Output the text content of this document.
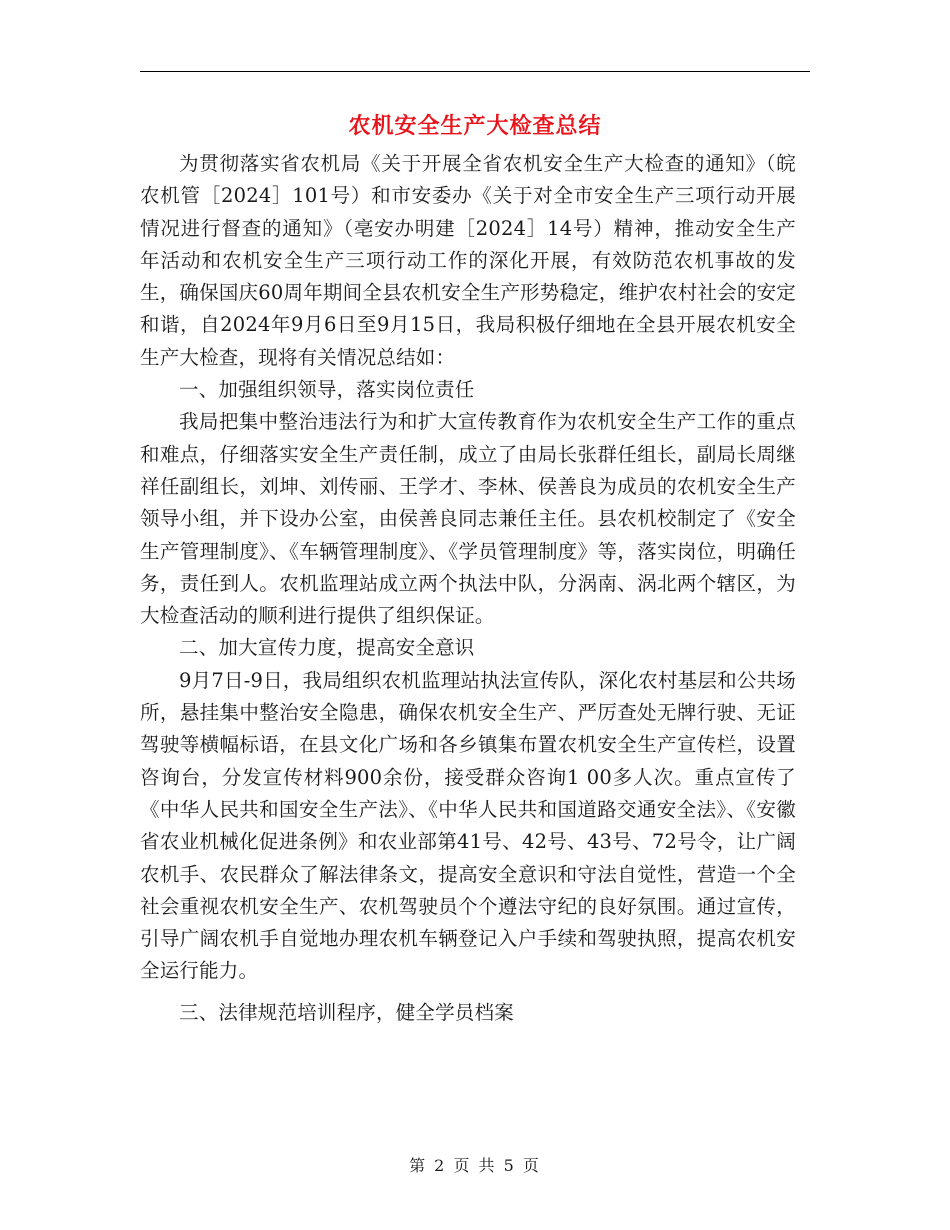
农机安全生产大检查总结

为贯彻落实省农机局《关于开展全省农机安全生产大检查的通知》（皖农机管［2024］101号）和市安委办《关于对全市安全生产三项行动开展情况进行督查的通知》（亳安办明建［2024］14号）精神，推动安全生产年活动和农机安全生产三项行动工作的深化开展，有效防范农机事故的发生，确保国庆60周年期间全县农机安全生产形势稳定，维护农村社会的安定和谐，自2024年9月6日至9月15日，我局积极仔细地在全县开展农机安全生产大检查，现将有关情况总结如：

一、加强组织领导，落实岗位责任

我局把集中整治违法行为和扩大宣传教育作为农机安全生产工作的重点和难点，仔细落实安全生产责任制，成立了由局长张群任组长，副局长周继祥任副组长，刘坤、刘传丽、王学才、李林、侯善良为成员的农机安全生产领导小组，并下设办公室，由侯善良同志兼任主任。县农机校制定了《安全生产管理制度》、《车辆管理制度》、《学员管理制度》等，落实岗位，明确任务，责任到人。农机监理站成立两个执法中队，分涡南、涡北两个辖区，为大检查活动的顺利进行提供了组织保证。

二、加大宣传力度，提高安全意识

9月7日-9日，我局组织农机监理站执法宣传队，深化农村基层和公共场所，悬挂集中整治安全隐患，确保农机安全生产、严厉查处无牌行驶、无证驾驶等横幅标语，在县文化广场和各乡镇集布置农机安全生产宣传栏，设置咨询台，分发宣传材料900余份，接受群众咨询1 00多人次。重点宣传了《中华人民共和国安全生产法》、《中华人民共和国道路交通安全法》、《安徽省农业机械化促进条例》和农业部第41号、42号、43号、72号令，让广阔农机手、农民群众了解法律条文，提高安全意识和守法自觉性，营造一个全社会重视农机安全生产、农机驾驶员个个遵法守纪的良好氛围。通过宣传，引导广阔农机手自觉地办理农机车辆登记入户手续和驾驶执照，提高农机安全运行能力。

三、法律规范培训程序，健全学员档案

第 2 页 共 5 页
